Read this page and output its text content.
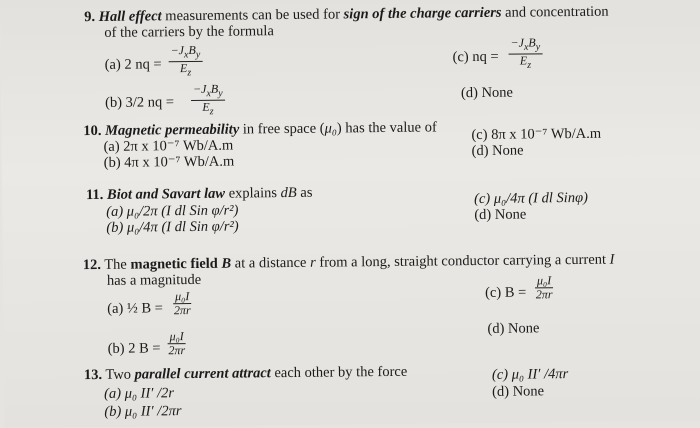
9. Hall effect measurements can be used for sign of the charge carriers and concentration
of the carriers by the formula
(a) 2 nq =
$-J_xB_y$
$E_z$
(c) nq =
$-J_xB_y$
$E_z$
(b) 3/2 nq =
$-J_xB_y$
$E_z$
(d) None
10. Magnetic permeability in free space (μ₀) has the value of
(a) 2π x 10⁻⁷ Wb/A.m
(b) 4π x 10⁻⁷ Wb/A.m
(c) 8π x 10⁻⁷ Wb/A.m
(d) None
11. Biot and Savart law explains dB as
(a) μ₀/2π (I dl Sin φ/r²)
(b) μ₀/4π (I dl Sin φ/r²)
(c) μ₀/4π (I dl Sinφ)
(d) None
12. The magnetic field B at a distance r from a long, straight conductor carrying a current I
has a magnitude
(a) ½ $B = \frac{\text{μ₀I}}{2\pi r}$	(c) $B = \frac{\text{μ₀I}}{2\pi r}$
(b) 2 $B = \frac{\text{μ₀I}}{2\pi r}$
(d) None
13. Two parallel current attract each other by the force
(a) μ₀ II′ /2r
(b) μ₀ II′ /2πr
(c) μ₀ II′ /4πr
(d) None
